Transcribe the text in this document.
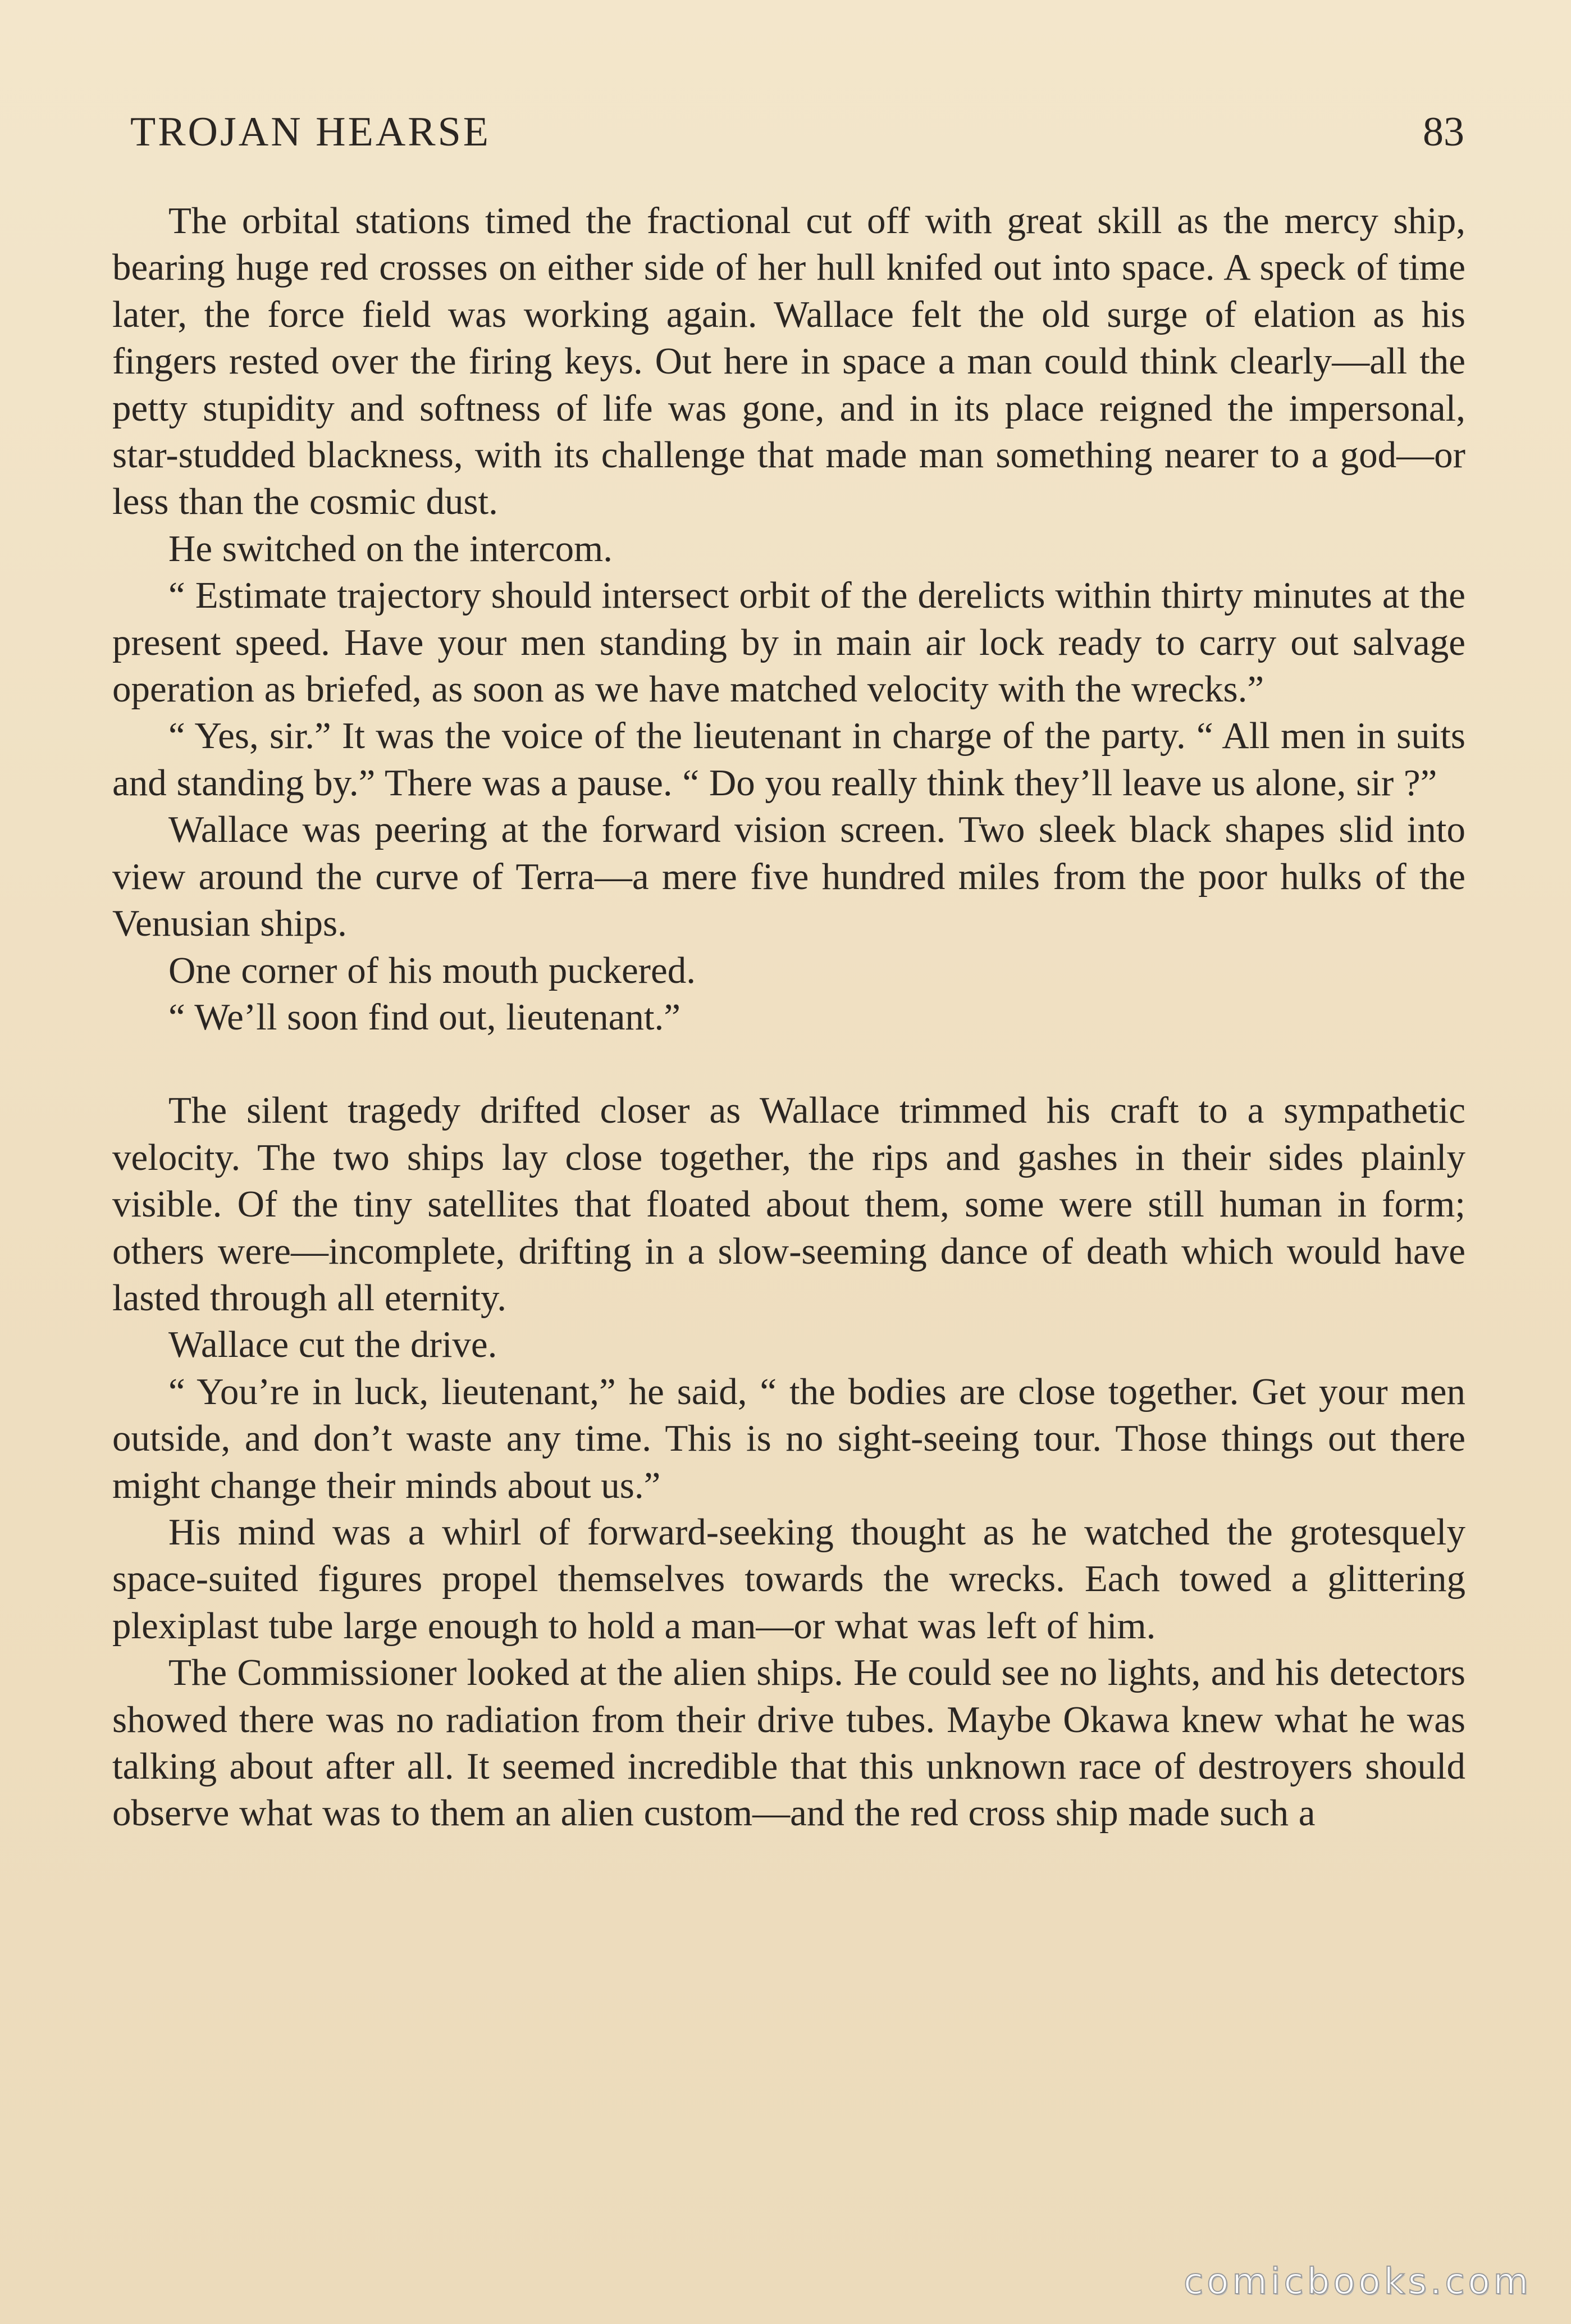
TROJAN HEARSE	83

The orbital stations timed the fractional cut off with great skill as the mercy ship, bearing huge red crosses on either side of her hull knifed out into space. A speck of time later, the force field was working again. Wallace felt the old surge of elation as his fingers rested over the firing keys. Out here in space a man could think clearly—all the petty stupidity and softness of life was gone, and in its place reigned the impersonal, star-studded blackness, with its challenge that made man something nearer to a god—or less than the cosmic dust.

He switched on the intercom.

“ Estimate trajectory should intersect orbit of the derelicts within thirty minutes at the present speed. Have your men standing by in main air lock ready to carry out salvage operation as briefed, as soon as we have matched velocity with the wrecks.”

“ Yes, sir.” It was the voice of the lieutenant in charge of the party. “ All men in suits and standing by.” There was a pause. “ Do you really think they’ll leave us alone, sir ?”

Wallace was peering at the forward vision screen. Two sleek black shapes slid into view around the curve of Terra—a mere five hundred miles from the poor hulks of the Venusian ships.

One corner of his mouth puckered.

“ We’ll soon find out, lieutenant.”

The silent tragedy drifted closer as Wallace trimmed his craft to a sympathetic velocity. The two ships lay close together, the rips and gashes in their sides plainly visible. Of the tiny satellites that floated about them, some were still human in form; others were—incomplete, drifting in a slow-seeming dance of death which would have lasted through all eternity.

Wallace cut the drive.

“ You’re in luck, lieutenant,” he said, “ the bodies are close together. Get your men outside, and don’t waste any time. This is no sight-seeing tour. Those things out there might change their minds about us.”

His mind was a whirl of forward-seeking thought as he watched the grotesquely space-suited figures propel themselves towards the wrecks. Each towed a glittering plexiplast tube large enough to hold a man—or what was left of him.

The Commissioner looked at the alien ships. He could see no lights, and his detectors showed there was no radiation from their drive tubes. Maybe Okawa knew what he was talking about after all. It seemed incredible that this unknown race of destroyers should observe what was to them an alien custom—and the red cross ship made such a

comicbooks.com
